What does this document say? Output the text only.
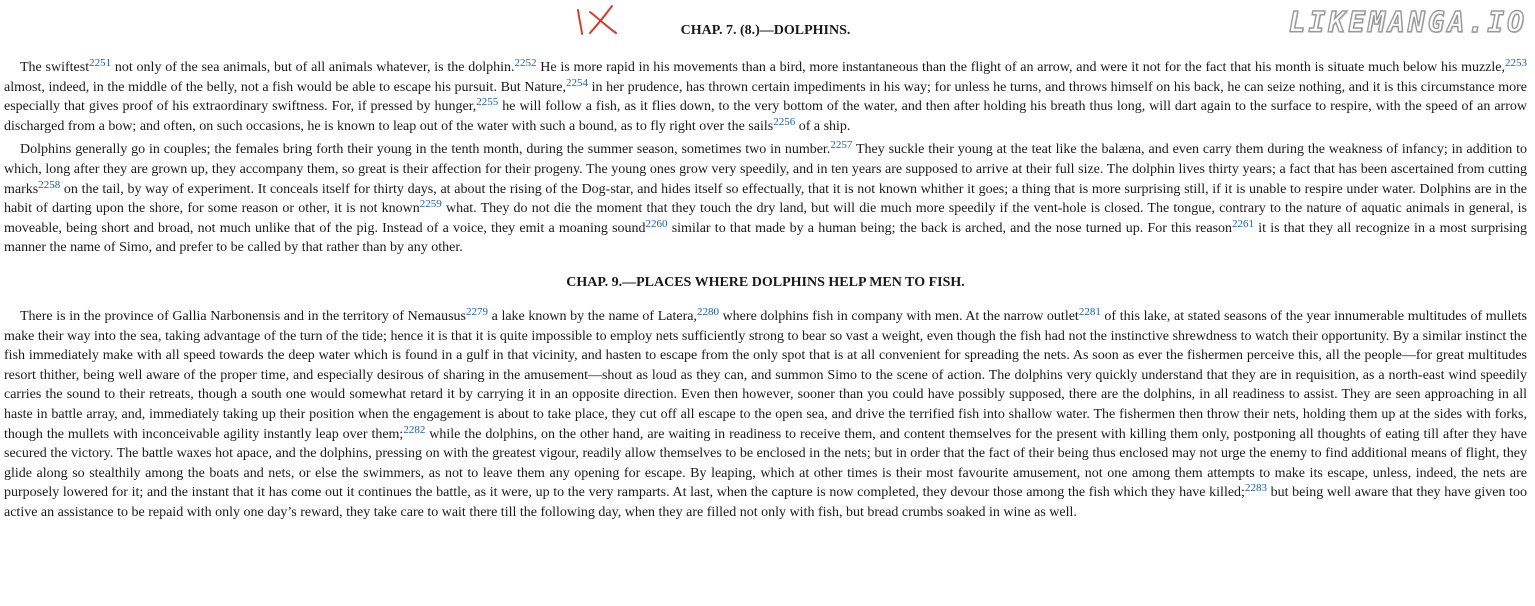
LIKEMANGA.IO
CHAP. 7. (8.)—DOLPHINS.

The swiftest$^{2251}$ not only of the sea animals, but of all animals whatever, is the dolphin.$^{2252}$ He is more rapid in his movements than a bird, more instantaneous than the flight of an arrow, and were it not for the fact that his month is situate much below his muzzle,$^{2253}$ almost, indeed, in the middle of the belly, not a fish would be able to escape his pursuit. But Nature,$^{2254}$ in her prudence, has thrown certain impediments in his way; for unless he turns, and throws himself on his back, he can seize nothing, and it is this circumstance more especially that gives proof of his extraordinary swiftness. For, if pressed by hunger,$^{2255}$ he will follow a fish, as it flies down, to the very bottom of the water, and then after holding his breath thus long, will dart again to the surface to respire, with the speed of an arrow discharged from a bow; and often, on such occasions, he is known to leap out of the water with such a bound, as to fly right over the sails$^{2256}$ of a ship.

Dolphins generally go in couples; the females bring forth their young in the tenth month, during the summer season, sometimes two in number.$^{2257}$ They suckle their young at the teat like the balæna, and even carry them during the weakness of infancy; in addition to which, long after they are grown up, they accompany them, so great is their affection for their progeny. The young ones grow very speedily, and in ten years are supposed to arrive at their full size. The dolphin lives thirty years; a fact that has been ascertained from cutting marks$^{2258}$ on the tail, by way of experiment. It conceals itself for thirty days, at about the rising of the Dog-star, and hides itself so effectually, that it is not known whither it goes; a thing that is more surprising still, if it is unable to respire under water. Dolphins are in the habit of darting upon the shore, for some reason or other, it is not known$^{2259}$ what. They do not die the moment that they touch the dry land, but will die much more speedily if the vent-hole is closed. The tongue, contrary to the nature of aquatic animals in general, is moveable, being short and broad, not much unlike that of the pig. Instead of a voice, they emit a moaning sound$^{2260}$ similar to that made by a human being; the back is arched, and the nose turned up. For this reason$^{2261}$ it is that they all recognize in a most surprising manner the name of Simo, and prefer to be called by that rather than by any other.

CHAP. 9.—PLACES WHERE DOLPHINS HELP MEN TO FISH.

There is in the province of Gallia Narbonensis and in the territory of Nemausus$^{2279}$ a lake known by the name of Latera,$^{2280}$ where dolphins fish in company with men. At the narrow outlet$^{2281}$ of this lake, at stated seasons of the year innumerable multitudes of mullets make their way into the sea, taking advantage of the turn of the tide; hence it is that it is quite impossible to employ nets sufficiently strong to bear so vast a weight, even though the fish had not the instinctive shrewdness to watch their opportunity. By a similar instinct the fish immediately make with all speed towards the deep water which is found in a gulf in that vicinity, and hasten to escape from the only spot that is at all convenient for spreading the nets. As soon as ever the fishermen perceive this, all the people—for great multitudes resort thither, being well aware of the proper time, and especially desirous of sharing in the amusement—shout as loud as they can, and summon Simo to the scene of action. The dolphins very quickly understand that they are in requisition, as a north-east wind speedily carries the sound to their retreats, though a south one would somewhat retard it by carrying it in an opposite direction. Even then however, sooner than you could have possibly supposed, there are the dolphins, in all readiness to assist. They are seen approaching in all haste in battle array, and, immediately taking up their position when the engagement is about to take place, they cut off all escape to the open sea, and drive the terrified fish into shallow water. The fishermen then throw their nets, holding them up at the sides with forks, though the mullets with inconceivable agility instantly leap over them;$^{2282}$ while the dolphins, on the other hand, are waiting in readiness to receive them, and content themselves for the present with killing them only, postponing all thoughts of eating till after they have secured the victory. The battle waxes hot apace, and the dolphins, pressing on with the greatest vigour, readily allow themselves to be enclosed in the nets; but in order that the fact of their being thus enclosed may not urge the enemy to find additional means of flight, they glide along so stealthily among the boats and nets, or else the swimmers, as not to leave them any opening for escape. By leaping, which at other times is their most favourite amusement, not one among them attempts to make its escape, unless, indeed, the nets are purposely lowered for it; and the instant that it has come out it continues the battle, as it were, up to the very ramparts. At last, when the capture is now completed, they devour those among the fish which they have killed;$^{2283}$ but being well aware that they have given too active an assistance to be repaid with only one day’s reward, they take care to wait there till the following day, when they are filled not only with fish, but bread crumbs soaked in wine as well.
